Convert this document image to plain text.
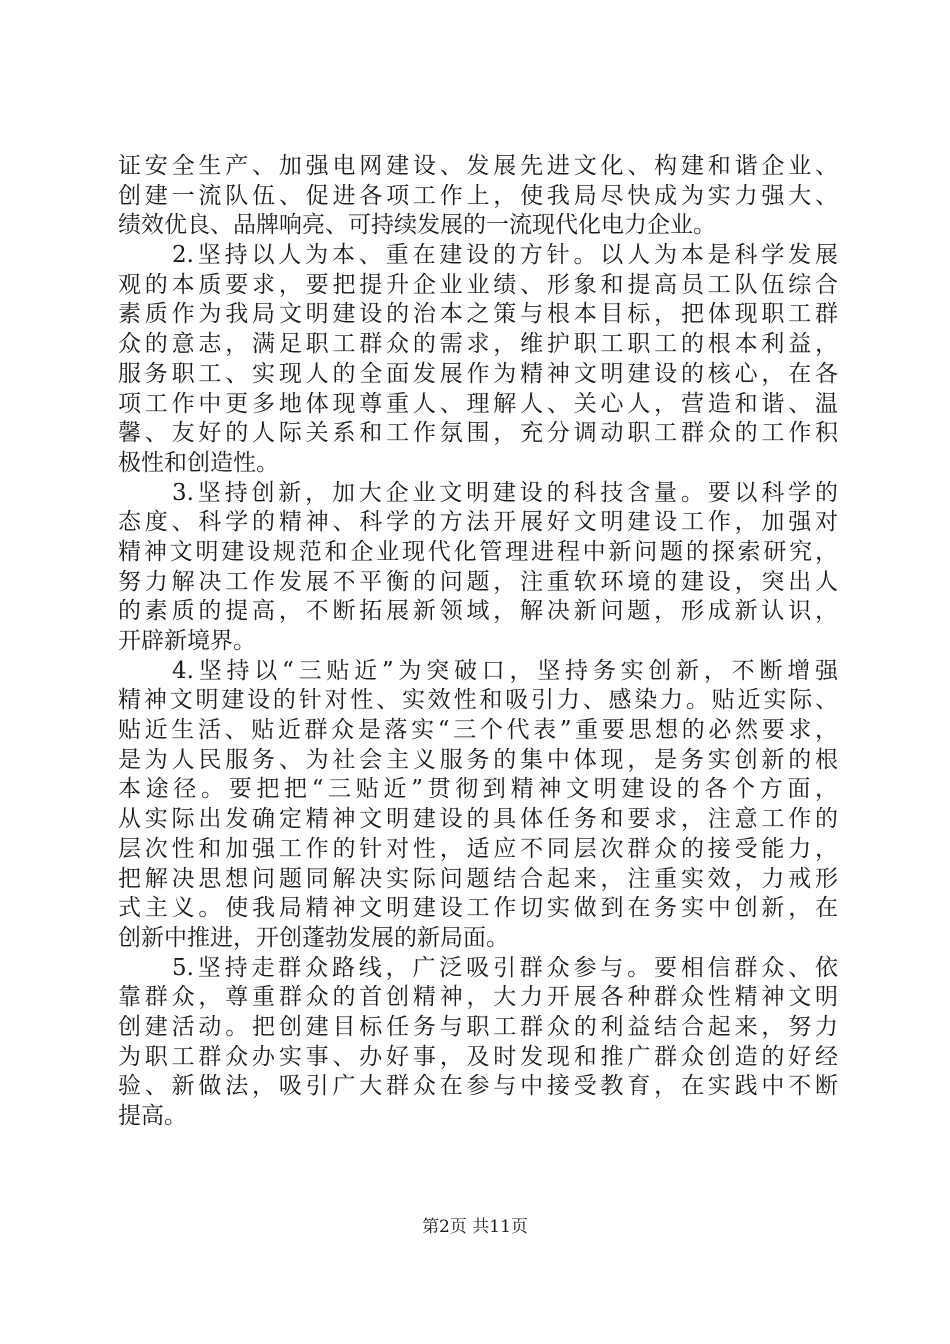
证安全生产、加强电网建设、发展先进文化、构建和谐企业、
创建一流队伍、促进各项工作上，使我局尽快成为实力强大、
绩效优良、品牌响亮、可持续发展的一流现代化电力企业。
2.坚持以人为本、重在建设的方针。以人为本是科学发展
观的本质要求，要把提升企业业绩、形象和提高员工队伍综合
素质作为我局文明建设的治本之策与根本目标，把体现职工群
众的意志，满足职工群众的需求，维护职工职工的根本利益，
服务职工、实现人的全面发展作为精神文明建设的核心，在各
项工作中更多地体现尊重人、理解人、关心人，营造和谐、温
馨、友好的人际关系和工作氛围，充分调动职工群众的工作积
极性和创造性。
3.坚持创新，加大企业文明建设的科技含量。要以科学的
态度、科学的精神、科学的方法开展好文明建设工作，加强对
精神文明建设规范和企业现代化管理进程中新问题的探索研究，
努力解决工作发展不平衡的问题，注重软环境的建设，突出人
的素质的提高，不断拓展新领域，解决新问题，形成新认识，
开辟新境界。
4.坚持以“三贴近”为突破口，坚持务实创新，不断增强
精神文明建设的针对性、实效性和吸引力、感染力。贴近实际、
贴近生活、贴近群众是落实“三个代表”重要思想的必然要求，
是为人民服务、为社会主义服务的集中体现，是务实创新的根
本途径。要把把“三贴近”贯彻到精神文明建设的各个方面，
从实际出发确定精神文明建设的具体任务和要求，注意工作的
层次性和加强工作的针对性，适应不同层次群众的接受能力，
把解决思想问题同解决实际问题结合起来，注重实效，力戒形
式主义。使我局精神文明建设工作切实做到在务实中创新，在
创新中推进，开创蓬勃发展的新局面。
5.坚持走群众路线，广泛吸引群众参与。要相信群众、依
靠群众，尊重群众的首创精神，大力开展各种群众性精神文明
创建活动。把创建目标任务与职工群众的利益结合起来，努力
为职工群众办实事、办好事，及时发现和推广群众创造的好经
验、新做法，吸引广大群众在参与中接受教育，在实践中不断
提高。
第2页 共11页
